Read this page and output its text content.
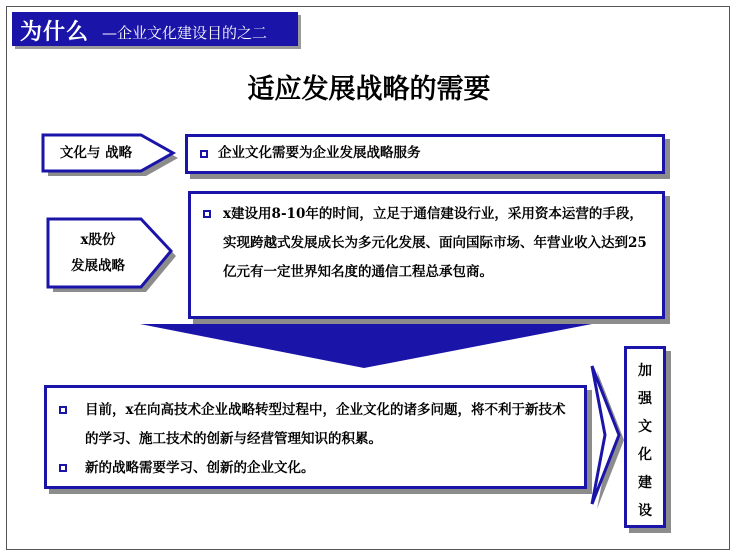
为什么 —企业文化建设目的之二
适应发展战略的需要
文化与 战略
x股份
发展战略
企业文化需要为企业发展战略服务
x建设用8-10年的时间，立足于通信建设行业，采用资本运营的手段，实现跨越式发展成长为多元化发展、面向国际市场、年营业收入达到25亿元有一定世界知名度的通信工程总承包商。
目前，x在向高技术企业战略转型过程中，企业文化的诸多问题，将不利于新技术的学习、施工技术的创新与经营管理知识的积累。
新的战略需要学习、创新的企业文化。
加
强
文
化
建
设
